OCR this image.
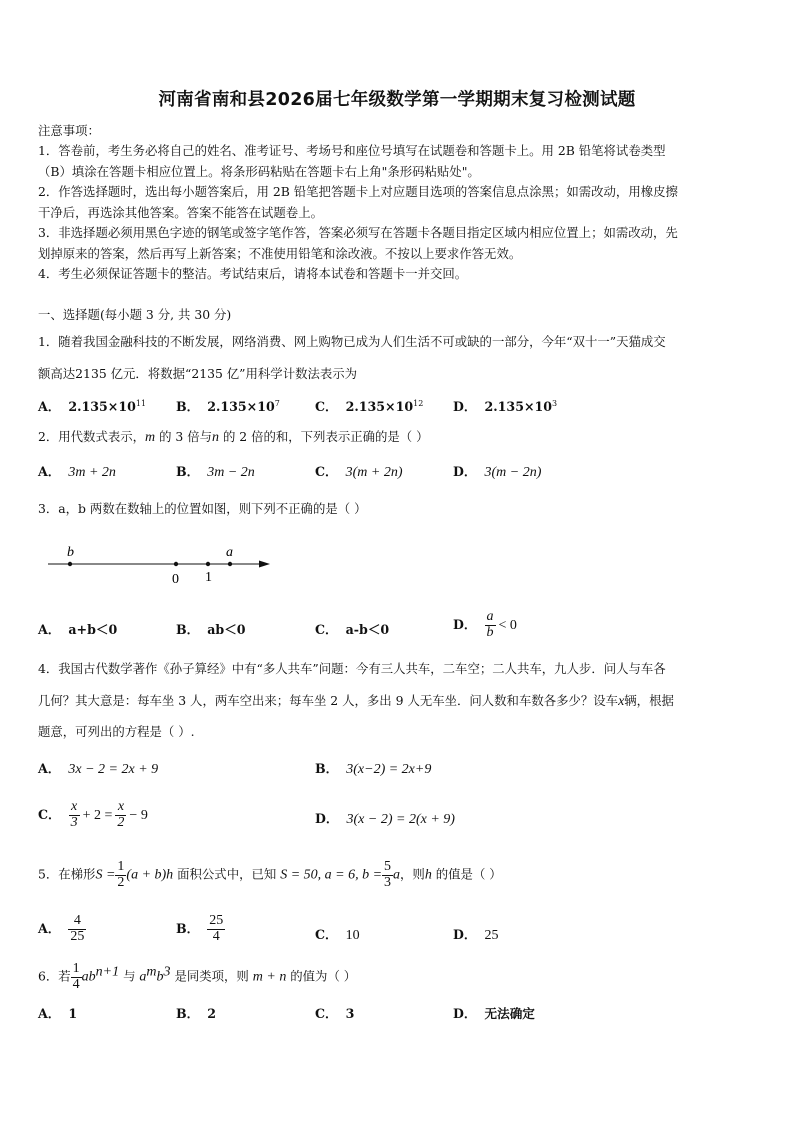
河南省南和县2026届七年级数学第一学期期末复习检测试题
注意事项：
1．答卷前，考生务必将自己的姓名、准考证号、考场号和座位号填写在试题卷和答题卡上。用 2B 铅笔将试卷类型
（B）填涂在答题卡相应位置上。将条形码粘贴在答题卡右上角"条形码粘贴处"。
2．作答选择题时，选出每小题答案后，用 2B 铅笔把答题卡上对应题目选项的答案信息点涂黑；如需改动，用橡皮擦
干净后，再选涂其他答案。答案不能答在试题卷上。
3．非选择题必须用黑色字迹的钢笔或签字笔作答，答案必须写在答题卡各题目指定区域内相应位置上；如需改动，先
划掉原来的答案，然后再写上新答案；不准使用铅笔和涂改液。不按以上要求作答无效。
4．考生必须保证答题卡的整洁。考试结束后，请将本试卷和答题卡一并交回。
一、选择题(每小题 3 分, 共 30 分)
1．随着我国金融科技的不断发展，网络消费、网上购物已成为人们生活不可或缺的一部分，今年“双十一”天猫成交
额高达2135 亿元．将数据“2135 亿”用科学计数法表示为
A． $2.135\times 10^{11}$ B． $2.135\times 10^7$	C． $2.135\times 10^{12}$ D． $2.135\times 10^3$
2．用代数式表示，m 的 3 倍与n 的 2 倍的和，下列表示正确的是（ ）
A． 3m + 2n	B． 3m − 2n	C． 3(m + 2n)	D． 3(m − 2n)
3．a，b 两数在数轴上的位置如图，则下列不正确的是（ ）
b	a
0 1
A． a+b＜0	B． ab＜0	C． a-b＜0	D． $\frac{a}{b} < 0$
4．我国古代数学著作《孙子算经》中有“多人共车”问题：今有三人共车，二车空；二人共车，九人步．问人与车各
几何？其大意是：每车坐 3 人，两车空出来；每车坐 2 人，多出 9 人无车坐．问人数和车数各多少？设车x辆，根据
题意，可列出的方程是（ ）.
A． 3x − 2 = 2x + 9	B． 3(x−2) = 2x+9
C． $\frac{x}{3} + 2 = \frac{x}{2} - 9$	D． 3(x − 2) = 2(x + 9)
5．在梯形$S = \frac{1}{2} (a + b)h$ 面积公式中，已知 S = 50, a = 6, $b = \frac{5}{3}$ a，则h 的值是（ ）
A． $\frac{4}{25}$	B． $\frac{25}{4}$	C． 10	D． 25
6．若 $\frac{1}{4} ab^{n+1}$ 与 $a^mb^3$ 是同类项，则 m + n 的值为（ ）
A． 1	B． 2	C． 3	D． 无法确定
